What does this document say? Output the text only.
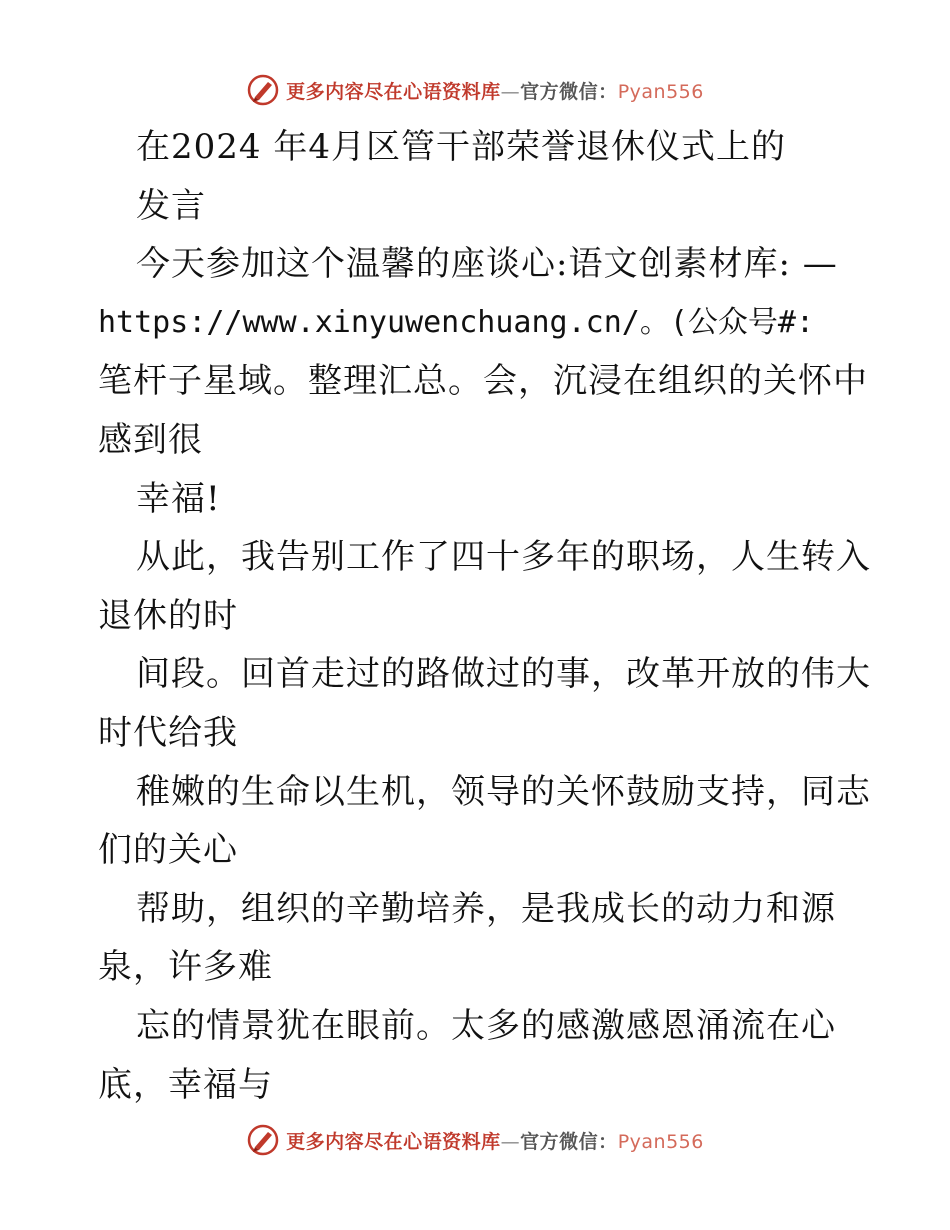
更多内容尽在心语资料库—官方微信：Pyan556
在2024 年4月区管干部荣誉退休仪式上的
发言
今天参加这个温馨的座谈心:语文创素材库: —
https://www.xinyuwenchuang.cn/。(公众号#:
笔杆子星域。整理汇总。会，沉浸在组织的关怀中
感到很
幸福!
从此，我告别工作了四十多年的职场，人生转入
退休的时
间段。回首走过的路做过的事，改革开放的伟大
时代给我
稚嫩的生命以生机，领导的关怀鼓励支持，同志
们的关心
帮助，组织的辛勤培养，是我成长的动力和源
泉，许多难
忘的情景犹在眼前。太多的感激感恩涌流在心
底，幸福与
更多内容尽在心语资料库—官方微信：Pyan556
